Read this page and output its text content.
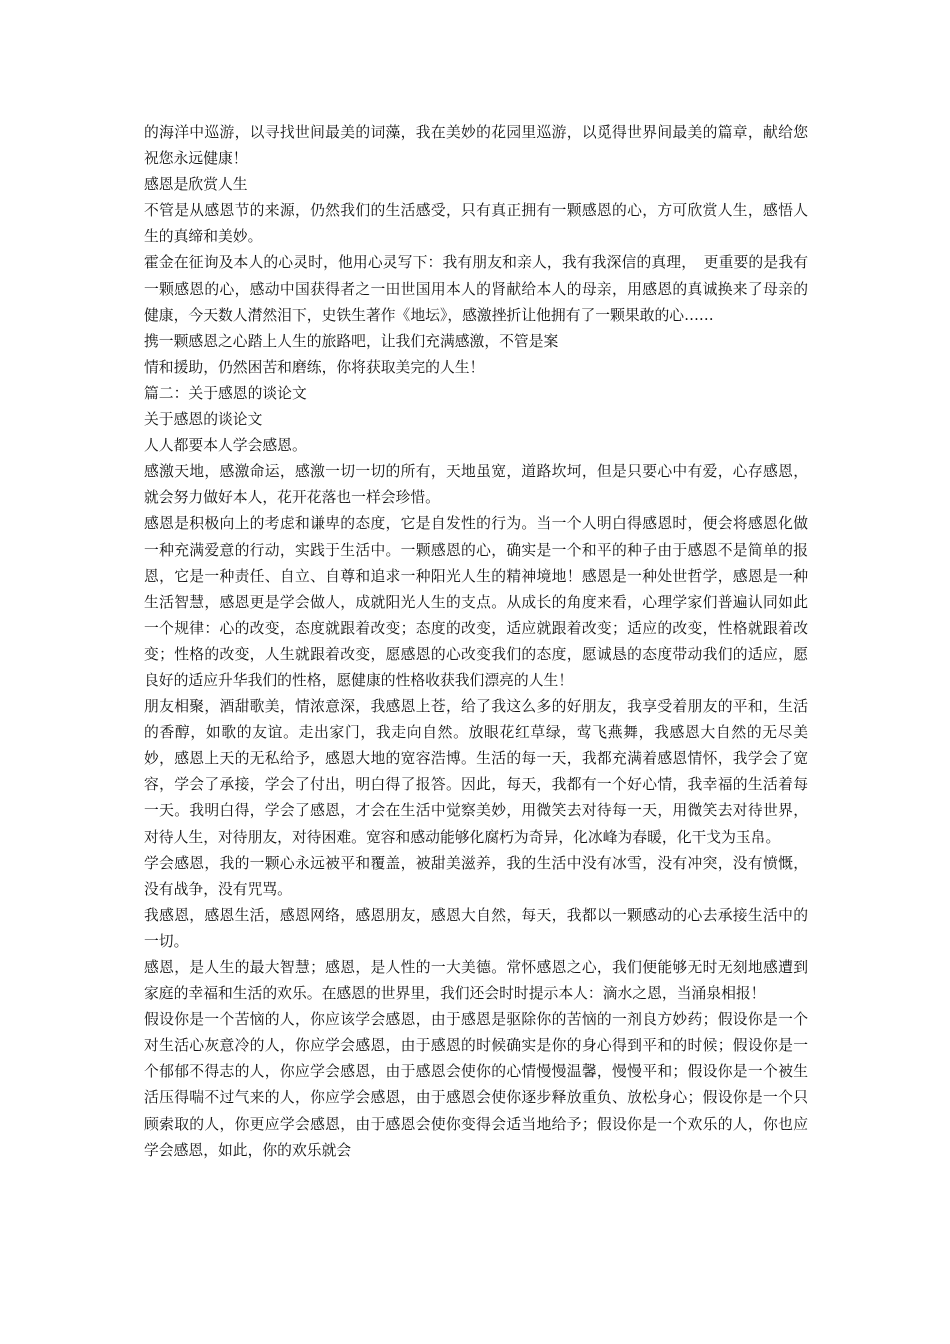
的海洋中巡游，以寻找世间最美的词藻，我在美妙的花园里巡游，以觅得世界间最美的篇章，献给您祝您永远健康！

感恩是欣赏人生

不管是从感恩节的来源，仍然我们的生活感受，只有真正拥有一颗感恩的心，方可欣赏人生，感悟人生的真缔和美妙。

霍金在征询及本人的心灵时，他用心灵写下：我有朋友和亲人，我有我深信的真理，　更重要的是我有一颗感恩的心，感动中国获得者之一田世国用本人的肾献给本人的母亲，用感恩的真诚换来了母亲的健康，今天数人潸然泪下，史铁生著作《地坛》，感激挫折让他拥有了一颗果敢的心……

携一颗感恩之心踏上人生的旅路吧，让我们充满感激，不管是案

情和援助，仍然困苦和磨练，你将获取美完的人生！

篇二：关于感恩的谈论文

关于感恩的谈论文

人人都要本人学会感恩。

感激天地，感激命运，感激一切一切的所有，天地虽宽，道路坎坷，但是只要心中有爱，心存感恩，就会努力做好本人，花开花落也一样会珍惜。

感恩是积极向上的考虑和谦卑的态度，它是自发性的行为。当一个人明白得感恩时，便会将感恩化做一种充满爱意的行动，实践于生活中。一颗感恩的心，确实是一个和平的种子由于感恩不是简单的报恩，它是一种责任、自立、自尊和追求一种阳光人生的精神境地！感恩是一种处世哲学，感恩是一种生活智慧，感恩更是学会做人，成就阳光人生的支点。从成长的角度来看，心理学家们普遍认同如此一个规律：心的改变，态度就跟着改变；态度的改变，适应就跟着改变；适应的改变，性格就跟着改变；性格的改变，人生就跟着改变，愿感恩的心改变我们的态度，愿诚恳的态度带动我们的适应，愿良好的适应升华我们的性格，愿健康的性格收获我们漂亮的人生！

朋友相聚，酒甜歌美，情浓意深，我感恩上苍，给了我这么多的好朋友，我享受着朋友的平和，生活的香醇，如歌的友谊。走出家门，我走向自然。放眼花红草绿，莺飞燕舞，我感恩大自然的无尽美妙，感恩上天的无私给予，感恩大地的宽容浩博。生活的每一天，我都充满着感恩情怀，我学会了宽容，学会了承接，学会了付出，明白得了报答。因此，每天，我都有一个好心情，我幸福的生活着每一天。我明白得，学会了感恩，才会在生活中觉察美妙，用微笑去对待每一天，用微笑去对待世界，对待人生，对待朋友，对待困难。宽容和感动能够化腐朽为奇异，化冰峰为春暖，化干戈为玉帛。

学会感恩，我的一颗心永远被平和覆盖，被甜美滋养，我的生活中没有冰雪，没有冲突，没有愤慨，没有战争，没有咒骂。

我感恩，感恩生活，感恩网络，感恩朋友，感恩大自然，每天，我都以一颗感动的心去承接生活中的一切。

感恩，是人生的最大智慧；感恩，是人性的一大美德。常怀感恩之心，我们便能够无时无刻地感遭到家庭的幸福和生活的欢乐。在感恩的世界里，我们还会时时提示本人：滴水之恩，当涌泉相报！

假设你是一个苦恼的人，你应该学会感恩，由于感恩是驱除你的苦恼的一剂良方妙药；假设你是一个对生活心灰意冷的人，你应学会感恩，由于感恩的时候确实是你的身心得到平和的时候；假设你是一个郁郁不得志的人，你应学会感恩，由于感恩会使你的心情慢慢温馨，慢慢平和；假设你是一个被生活压得喘不过气来的人，你应学会感恩，由于感恩会使你逐步释放重负、放松身心；假设你是一个只顾索取的人，你更应学会感恩，由于感恩会使你变得会适当地给予；假设你是一个欢乐的人，你也应学会感恩，如此，你的欢乐就会
